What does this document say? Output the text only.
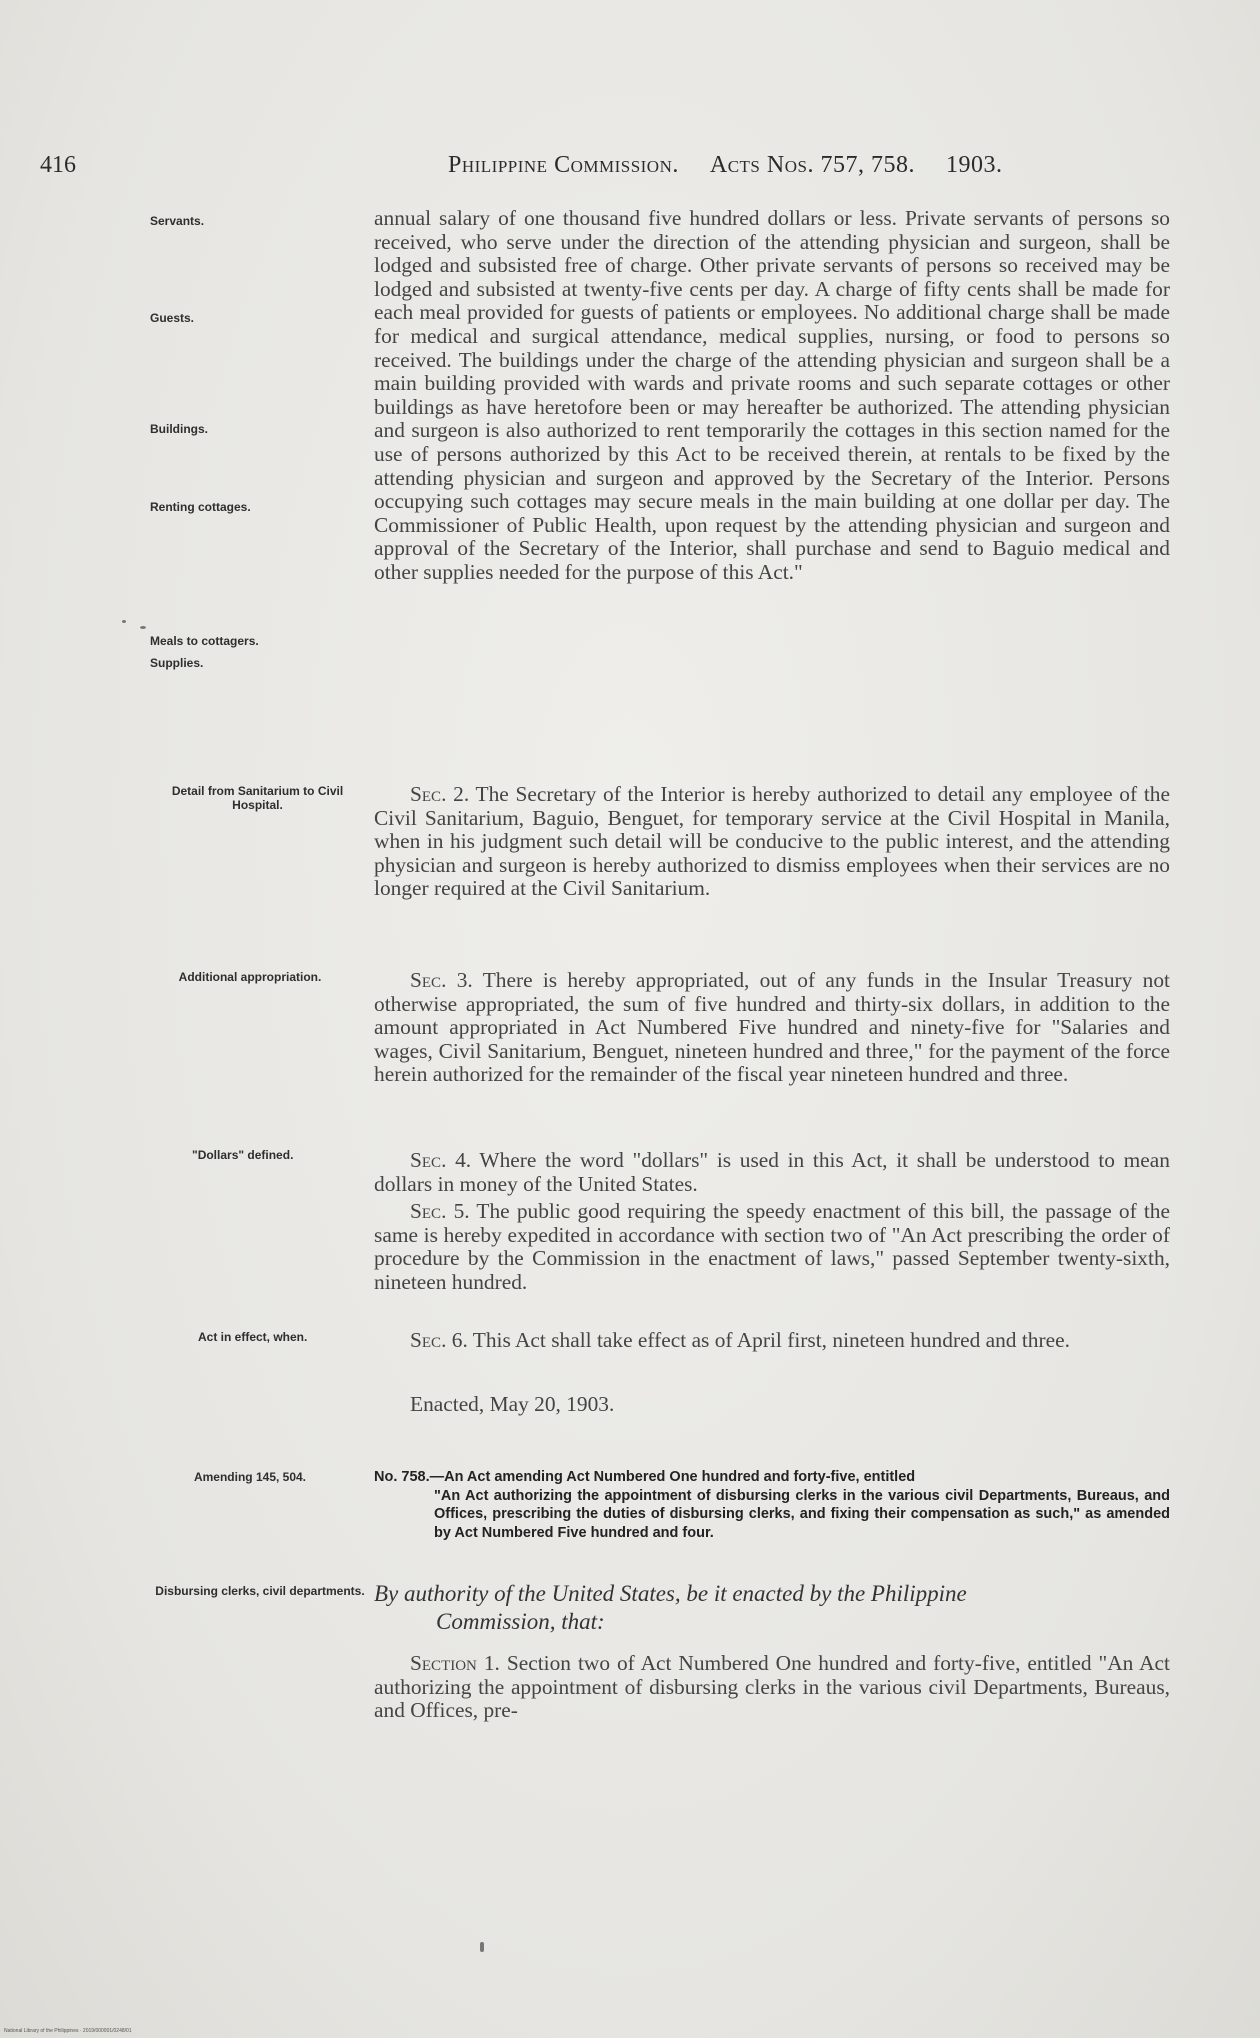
416	Philippine Commission. Acts Nos. 757, 758. 1903.
Servants.
Guests.
Buildings.
Renting cottages.
Meals to cottagers.
Supplies.
Detail from Sanitarium to Civil Hospital.
Additional appropriation.
"Dollars" defined.
Act in effect, when.
Amending 145, 504.
Disbursing clerks, civil departments.

annual salary of one thousand five hundred dollars or less. Private servants of persons so received, who serve under the direction of the attending physician and surgeon, shall be lodged and subsisted free of charge. Other private servants of persons so received may be lodged and subsisted at twenty-five cents per day. A charge of fifty cents shall be made for each meal provided for guests of patients or employees. No additional charge shall be made for medical and surgical attendance, medical supplies, nursing, or food to persons so received. The buildings under the charge of the attending physician and surgeon shall be a main building provided with wards and private rooms and such separate cottages or other buildings as have heretofore been or may hereafter be authorized. The attending physician and surgeon is also authorized to rent temporarily the cottages in this section named for the use of persons authorized by this Act to be received therein, at rentals to be fixed by the attending physician and surgeon and approved by the Secretary of the Interior. Persons occupying such cottages may secure meals in the main building at one dollar per day. The Commissioner of Public Health, upon request by the attending physician and surgeon and approval of the Secretary of the Interior, shall purchase and send to Baguio medical and other supplies needed for the purpose of this Act."

Sec. 2. The Secretary of the Interior is hereby authorized to detail any employee of the Civil Sanitarium, Baguio, Benguet, for temporary service at the Civil Hospital in Manila, when in his judgment such detail will be conducive to the public interest, and the attending physician and surgeon is hereby authorized to dismiss employees when their services are no longer required at the Civil Sanitarium.

Sec. 3. There is hereby appropriated, out of any funds in the Insular Treasury not otherwise appropriated, the sum of five hundred and thirty-six dollars, in addition to the amount appropriated in Act Numbered Five hundred and ninety-five for "Salaries and wages, Civil Sanitarium, Benguet, nineteen hundred and three," for the payment of the force herein authorized for the remainder of the fiscal year nineteen hundred and three.

Sec. 4. Where the word "dollars" is used in this Act, it shall be understood to mean dollars in money of the United States.

Sec. 5. The public good requiring the speedy enactment of this bill, the passage of the same is hereby expedited in accordance with section two of "An Act prescribing the order of procedure by the Commission in the enactment of laws," passed September twenty-sixth, nineteen hundred.

Sec. 6. This Act shall take effect as of April first, nineteen hundred and three.

Enacted, May 20, 1903.
No. 758.—An Act amending Act Numbered One hundred and forty-five, entitled
"An Act authorizing the appointment of disbursing clerks in the various civil Departments, Bureaus, and Offices, prescribing the duties of disbursing clerks, and fixing their compensation as such," as amended by Act Numbered Five hundred and four.
By authority of the United States, be it enacted by the Philippine
Commission, that:

Section 1. Section two of Act Numbered One hundred and forty-five, entitled "An Act authorizing the appointment of disbursing clerks in the various civil Departments, Bureaus, and Offices, pre-

National Library of the Philippines · 2019/000001/0248/01
